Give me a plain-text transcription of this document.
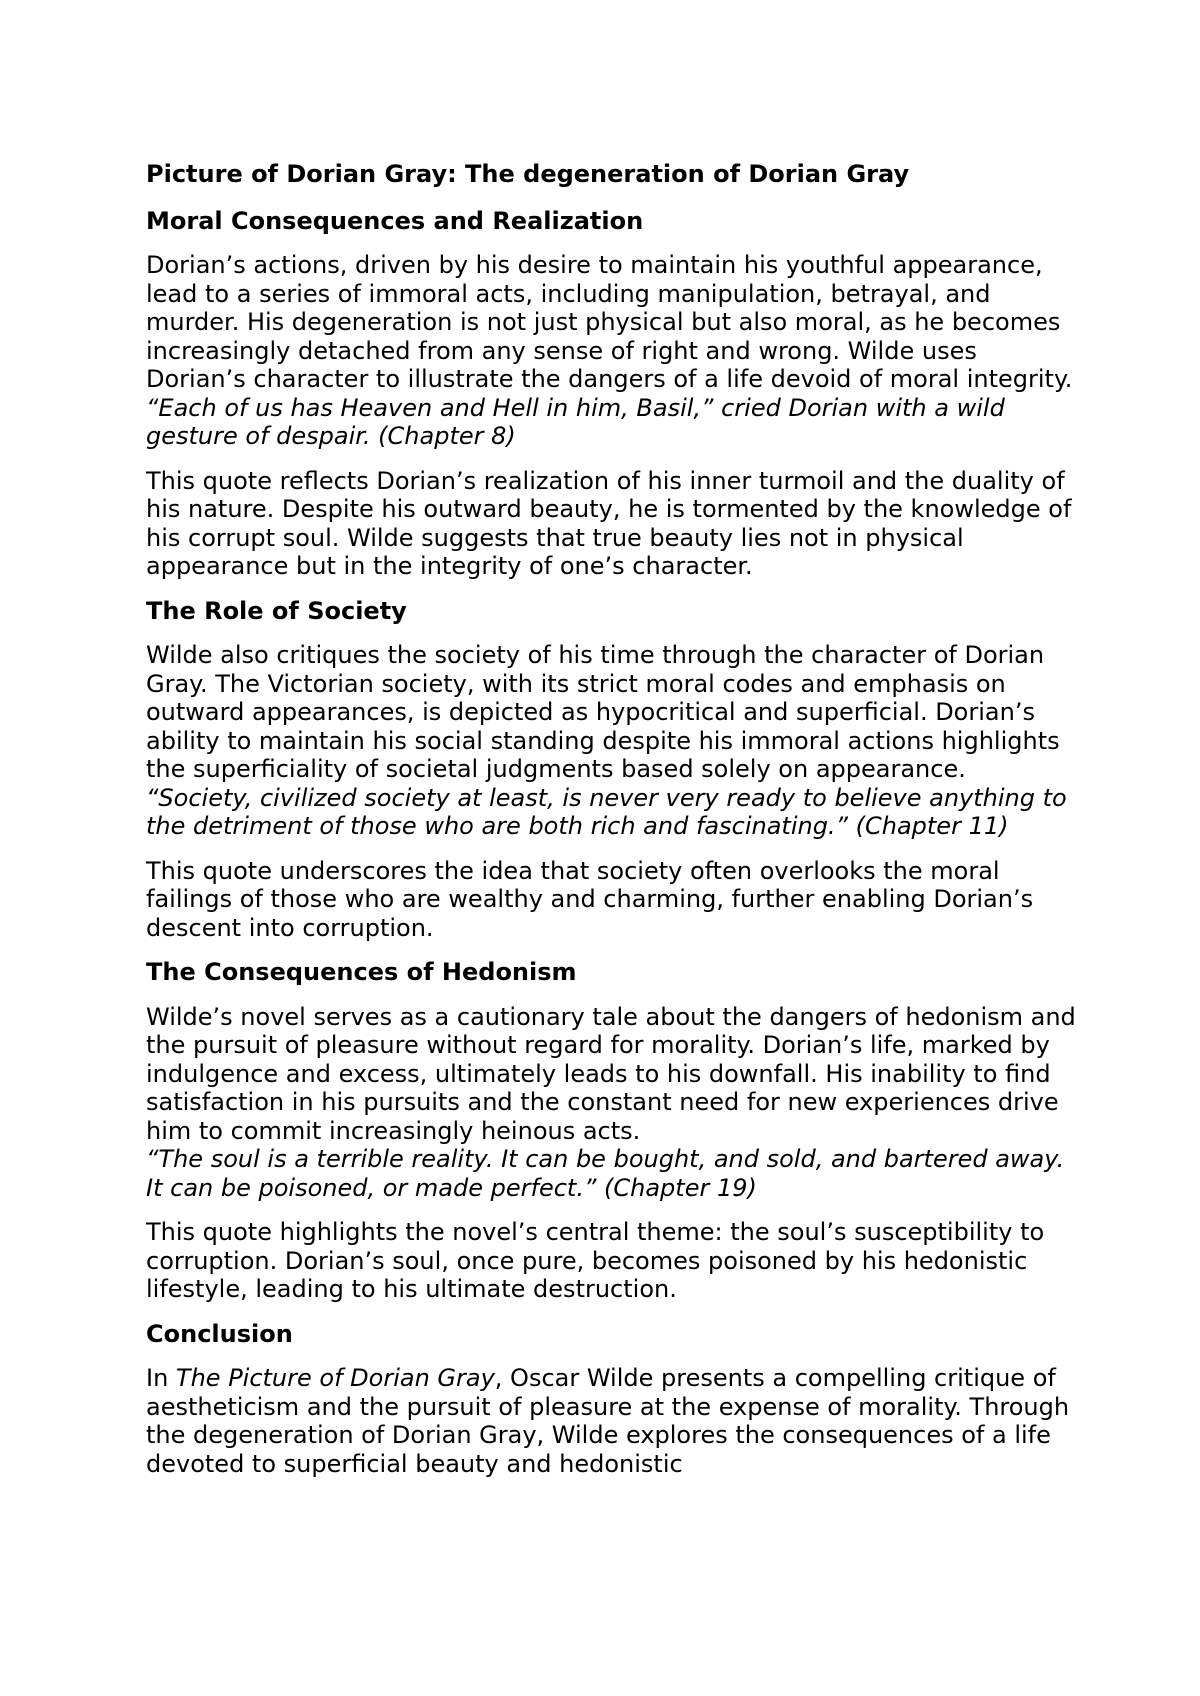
Picture of Dorian Gray: The degeneration of Dorian Gray
Moral Consequences and Realization

Dorian’s actions, driven by his desire to maintain his youthful appearance, lead to a series of immoral acts, including manipulation, betrayal, and murder. His degeneration is not just physical but also moral, as he becomes increasingly detached from any sense of right and wrong. Wilde uses Dorian’s character to illustrate the dangers of a life devoid of moral integrity.

“Each of us has Heaven and Hell in him, Basil,” cried Dorian with a wild gesture of despair. (Chapter 8)

This quote reflects Dorian’s realization of his inner turmoil and the duality of his nature. Despite his outward beauty, he is tormented by the knowledge of his corrupt soul. Wilde suggests that true beauty lies not in physical appearance but in the integrity of one’s character.

The Role of Society

Wilde also critiques the society of his time through the character of Dorian Gray. The Victorian society, with its strict moral codes and emphasis on outward appearances, is depicted as hypocritical and superficial. Dorian’s ability to maintain his social standing despite his immoral actions highlights the superficiality of societal judgments based solely on appearance.

“Society, civilized society at least, is never very ready to believe anything to the detriment of those who are both rich and fascinating.” (Chapter 11)

This quote underscores the idea that society often overlooks the moral failings of those who are wealthy and charming, further enabling Dorian’s descent into corruption.

The Consequences of Hedonism

Wilde’s novel serves as a cautionary tale about the dangers of hedonism and the pursuit of pleasure without regard for morality. Dorian’s life, marked by indulgence and excess, ultimately leads to his downfall. His inability to find satisfaction in his pursuits and the constant need for new experiences drive him to commit increasingly heinous acts.

“The soul is a terrible reality. It can be bought, and sold, and bartered away. It can be poisoned, or made perfect.” (Chapter 19)

This quote highlights the novel’s central theme: the soul’s susceptibility to corruption. Dorian’s soul, once pure, becomes poisoned by his hedonistic lifestyle, leading to his ultimate destruction.

Conclusion

In The Picture of Dorian Gray, Oscar Wilde presents a compelling critique of aestheticism and the pursuit of pleasure at the expense of morality. Through the degeneration of Dorian Gray, Wilde explores the consequences of a life devoted to superficial beauty and hedonistic
